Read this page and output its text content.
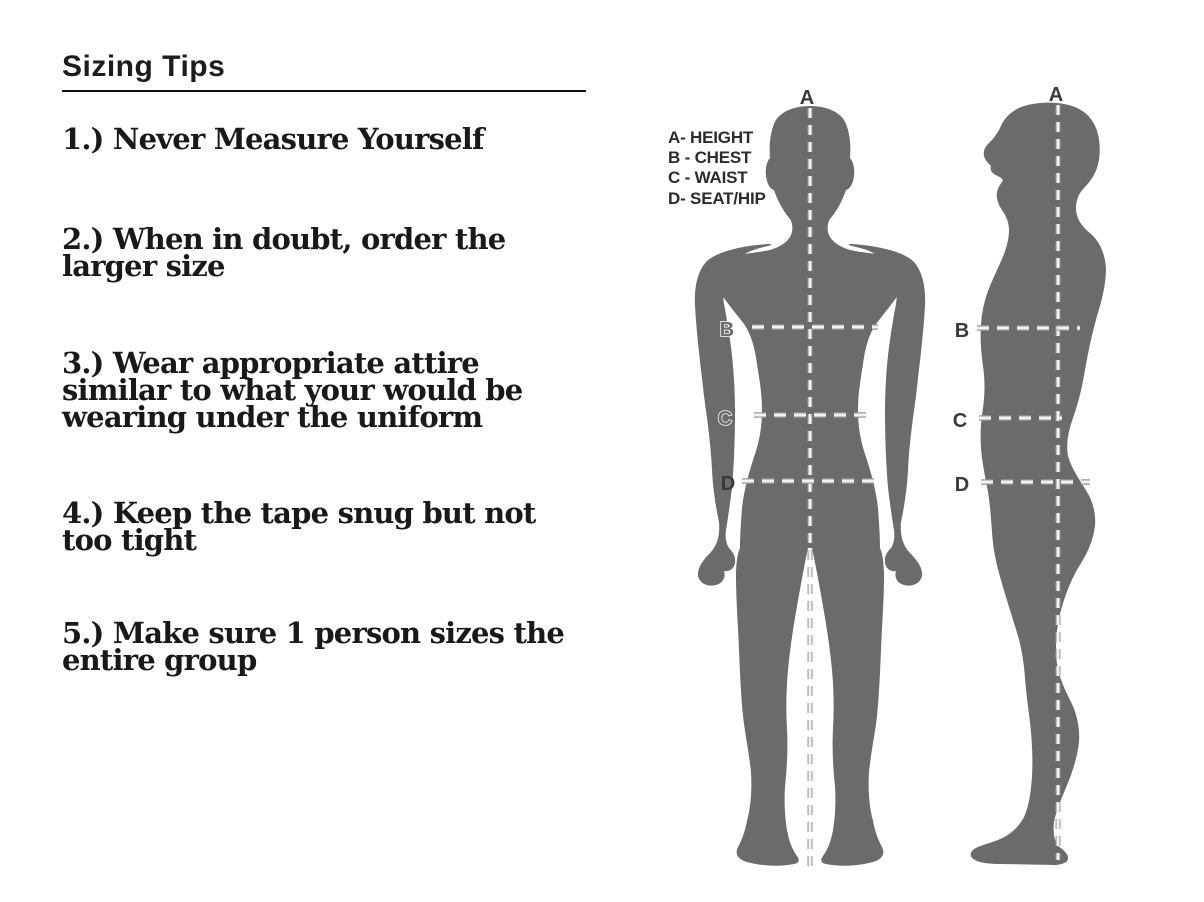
Sizing Tips
1.) Never Measure Yourself
2.) When in doubt, order the
larger size
3.) Wear appropriate attire
similar to what your would be
wearing under the uniform
4.) Keep the tape snug but not
too tight
5.) Make sure 1 person sizes the
entire group
A- HEIGHT
B - CHEST
C - WAIST
D- SEAT/HIP
A
B
C
D
A
B
C
D
